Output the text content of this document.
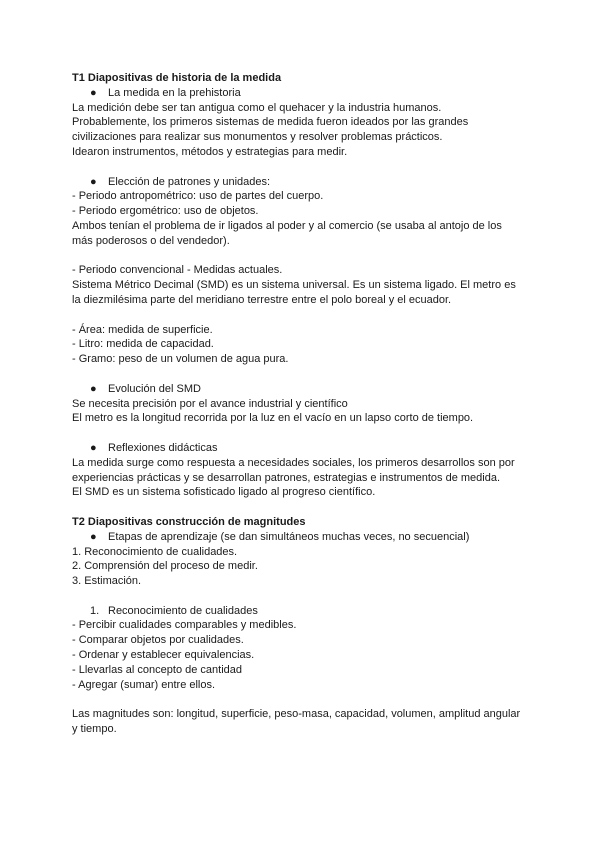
T1 Diapositivas de historia de la medida
● La medida en la prehistoria
La medición debe ser tan antigua como el quehacer y la industria humanos.
Probablemente, los primeros sistemas de medida fueron ideados por las grandes
civilizaciones para realizar sus monumentos y resolver problemas prácticos.
Idearon instrumentos, métodos y estrategias para medir.
● Elección de patrones y unidades:
- Periodo antropométrico: uso de partes del cuerpo.
- Periodo ergométrico: uso de objetos.
Ambos tenían el problema de ir ligados al poder y al comercio (se usaba al antojo de los
más poderosos o del vendedor).
- Periodo convencional - Medidas actuales.
Sistema Métrico Decimal (SMD) es un sistema universal. Es un sistema ligado. El metro es
la diezmilésima parte del meridiano terrestre entre el polo boreal y el ecuador.
- Área: medida de superficie.
- Litro: medida de capacidad.
- Gramo: peso de un volumen de agua pura.
● Evolución del SMD
Se necesita precisión por el avance industrial y científico
El metro es la longitud recorrida por la luz en el vacío en un lapso corto de tiempo.
● Reflexiones didácticas
La medida surge como respuesta a necesidades sociales, los primeros desarrollos son por
experiencias prácticas y se desarrollan patrones, estrategias e instrumentos de medida.
El SMD es un sistema sofisticado ligado al progreso científico.
T2 Diapositivas construcción de magnitudes
● Etapas de aprendizaje (se dan simultáneos muchas veces, no secuencial)
1. Reconocimiento de cualidades.
2. Comprensión del proceso de medir.
3. Estimación.
1. Reconocimiento de cualidades
- Percibir cualidades comparables y medibles.
- Comparar objetos por cualidades.
- Ordenar y establecer equivalencias.
- Llevarlas al concepto de cantidad
- Agregar (sumar) entre ellos.
Las magnitudes son: longitud, superficie, peso-masa, capacidad, volumen, amplitud angular
y tiempo.
